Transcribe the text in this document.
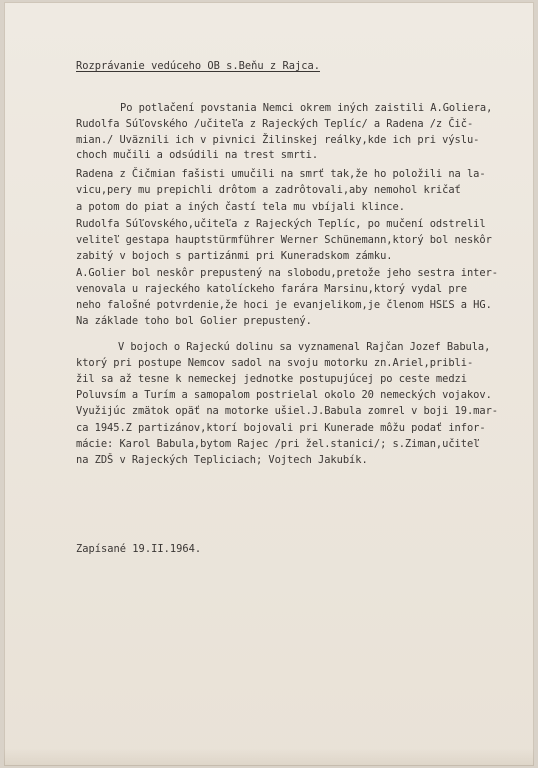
Rozprávanie vedúceho OB s.Beňu z Rajca.
Po potlačení povstania Nemci okrem iných zaistili A.Goliera,
Rudolfa Súľovského /učiteľa z Rajeckých Teplíc/ a Radena /z Čič-
mian./ Uväznili ich v pivnici Žilinskej reálky,kde ich pri výslu-
choch mučili a odsúdili na trest smrti.
Radena z Čičmian fašisti umučili na smrť tak,že ho položili na la-
vicu,pery mu prepichli drôtom a zadrôtovali,aby nemohol kričať
a potom do piat a iných častí tela mu vbíjali klince.
Rudolfa Súľovského,učiteľa z Rajeckých Teplíc, po mučení odstrelil
veliteľ gestapa hauptstürmführer Werner Schünemann,ktorý bol neskôr
zabitý v bojoch s partizánmi pri Kuneradskom zámku.
A.Golier bol neskôr prepustený na slobodu,pretože jeho sestra inter-
venovala u rajeckého katolíckeho farára Marsinu,ktorý vydal pre
neho falošné potvrdenie,že hoci je evanjelikom,je členom HSĽS a HG.
Na základe toho bol Golier prepustený.
V bojoch o Rajeckú dolinu sa vyznamenal Rajčan Jozef Babula,
ktorý pri postupe Nemcov sadol na svoju motorku zn.Ariel,pribli-
žil sa až tesne k nemeckej jednotke postupujúcej po ceste medzi
Poluvsím a Turím a samopalom postrielal okolo 20 nemeckých vojakov.
Využijúc zmätok opäť na motorke ušiel.J.Babula zomrel v boji 19.mar-
ca 1945.Z partizánov,ktorí bojovali pri Kunerade môžu podať infor-
mácie: Karol Babula,bytom Rajec /pri žel.stanici/; s.Ziman,učiteľ
na ZDŠ v Rajeckých Tepliciach; Vojtech Jakubík.
Zapísané 19.II.1964.
